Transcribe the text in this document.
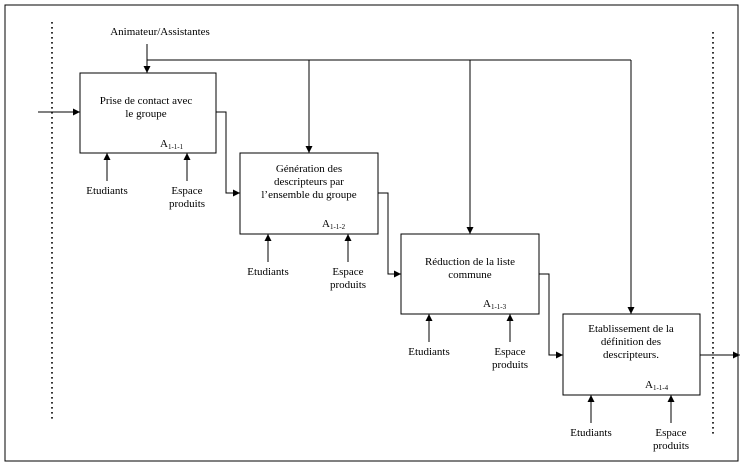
Animateur/Assistantes
Prise de contact avec
le groupe
A1-1-1
Etudiants	Espace
produits
Génération des
descripteurs par
l’ensemble du groupe
A1-1-2
Etudiants	Espace
produits
Réduction de la liste
commune
A1-1-3
Etudiants	Espace
produits
Etablissement de la
définition des
descripteurs.
A1-1-4
Etudiants	Espace
produits
